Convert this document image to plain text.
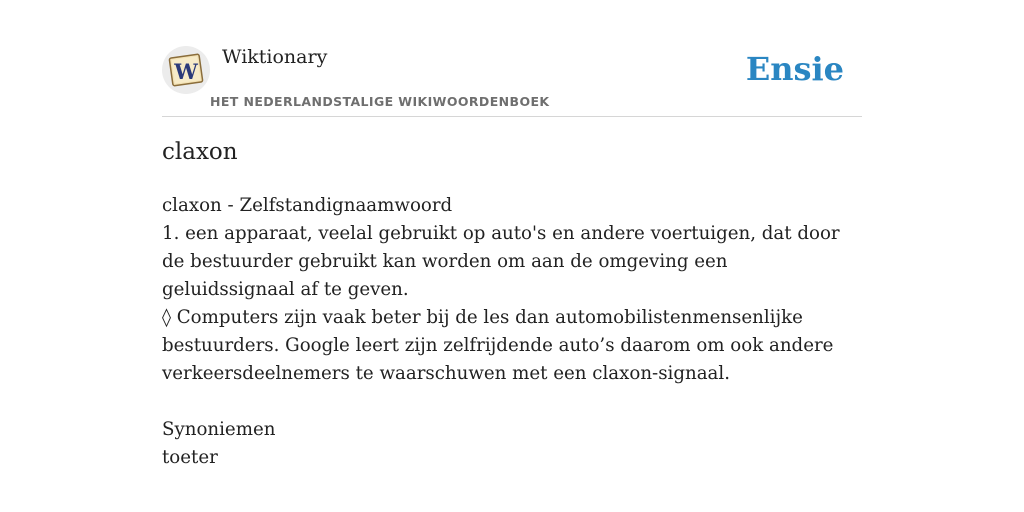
W
Wiktionary
HET NEDERLANDSTALIGE WIKIWOORDENBOEK
Ensie
claxon
claxon - Zelfstandignaamwoord
1. een apparaat, veelal gebruikt op auto's en andere voertuigen, dat door de bestuurder gebruikt kan worden om aan de omgeving een geluidssignaal af te geven.
◊ Computers zijn vaak beter bij de les dan automobilistenmensenlijke bestuurders. Google leert zijn zelfrijdende auto’s daarom om ook andere verkeersdeelnemers te waarschuwen met een claxon-signaal.
Synoniemen
toeter
